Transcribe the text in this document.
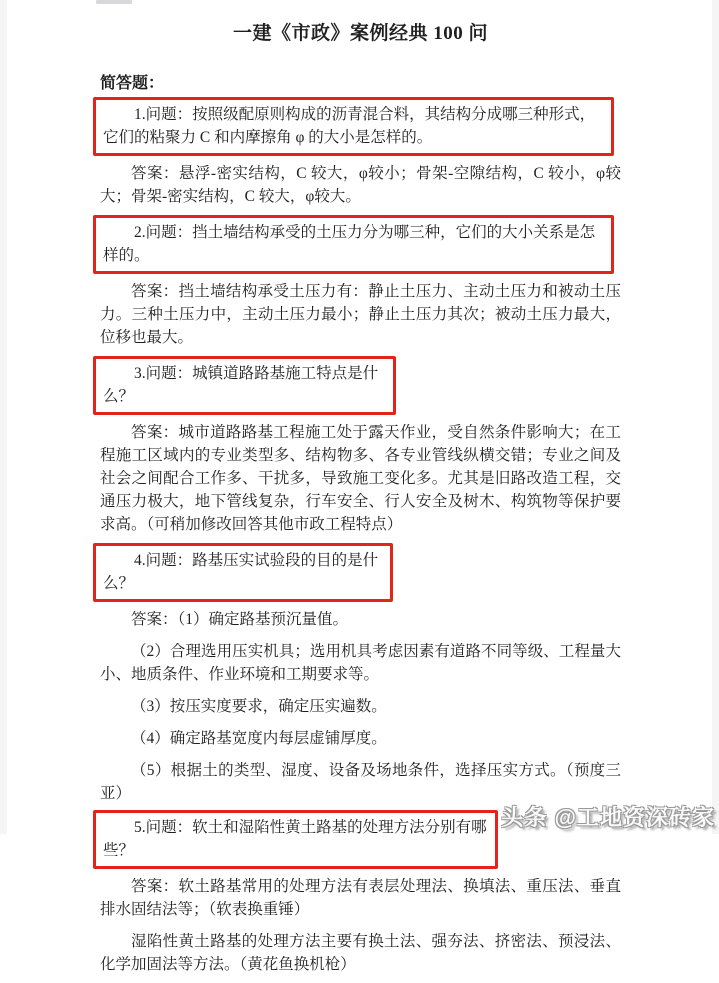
一建《市政》案例经典 100 问
简答题：

1.问题：按照级配原则构成的沥青混合料，其结构分成哪三种形式，它们的粘聚力 C 和内摩擦角 φ 的大小是怎样的。

答案：悬浮-密实结构，C 较大，φ较小；骨架-空隙结构，C 较小，φ较大；骨架-密实结构，C 较大，φ较大。

2.问题：挡土墙结构承受的土压力分为哪三种，它们的大小关系是怎样的。

答案：挡土墙结构承受土压力有：静止土压力、主动土压力和被动土压力。三种土压力中，主动土压力最小；静止土压力其次；被动土压力最大，位移也最大。

3.问题：城镇道路路基施工特点是什么？

答案：城市道路路基工程施工处于露天作业，受自然条件影响大；在工程施工区域内的专业类型多、结构物多、各专业管线纵横交错；专业之间及社会之间配合工作多、干扰多，导致施工变化多。尤其是旧路改造工程，交通压力极大，地下管线复杂，行车安全、行人安全及树木、构筑物等保护要求高。（可稍加修改回答其他市政工程特点）

4.问题：路基压实试验段的目的是什么？

答案：（1）确定路基预沉量值。

（2）合理选用压实机具；选用机具考虑因素有道路不同等级、工程量大小、地质条件、作业环境和工期要求等。

（3）按压实度要求，确定压实遍数。

（4）确定路基宽度内每层虚铺厚度。

（5）根据土的类型、湿度、设备及场地条件，选择压实方式。（预度三亚）

5.问题：软土和湿陷性黄土路基的处理方法分别有哪些？

答案：软土路基常用的处理方法有表层处理法、换填法、重压法、垂直排水固结法等；（软表换重锤）

湿陷性黄土路基的处理方法主要有换土法、强夯法、挤密法、预浸法、化学加固法等方法。（黄花鱼换机枪）

头条 @工地资深砖家
